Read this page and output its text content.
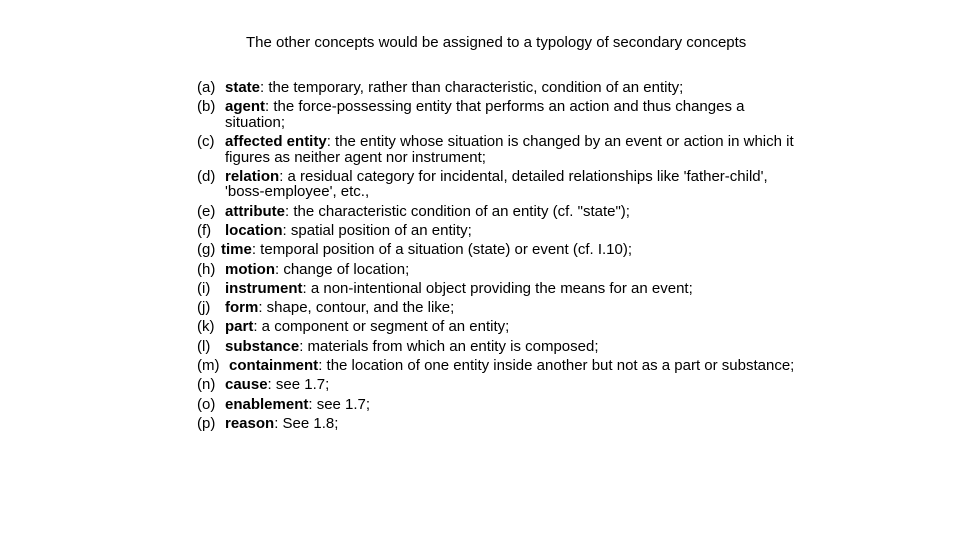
The other concepts would be assigned to a typology of secondary concepts
(a) state: the temporary, rather than characteristic, condition of an entity;
(b) agent: the force-possessing entity that performs an action and thus changes a situation;
(c) affected entity: the entity whose situation is changed by an event or action in which it figures as neither agent nor instrument;
(d) relation: a residual category for incidental, detailed relationships like 'father-child', 'boss-employee', etc.,
(e) attribute: the characteristic condition of an entity (cf. "state");
(f) location: spatial position of an entity;
(g) time: temporal position of a situation (state) or event (cf. I.10);
(h) motion: change of location;
(i) instrument: a non-intentional object providing the means for an event;
(j) form: shape, contour, and the like;
(k) part: a component or segment of an entity;
(l) substance: materials from which an entity is composed;
(m) containment: the location of one entity inside another but not as a part or substance;
(n) cause: see 1.7;
(o) enablement: see 1.7;
(p) reason: See 1.8;
